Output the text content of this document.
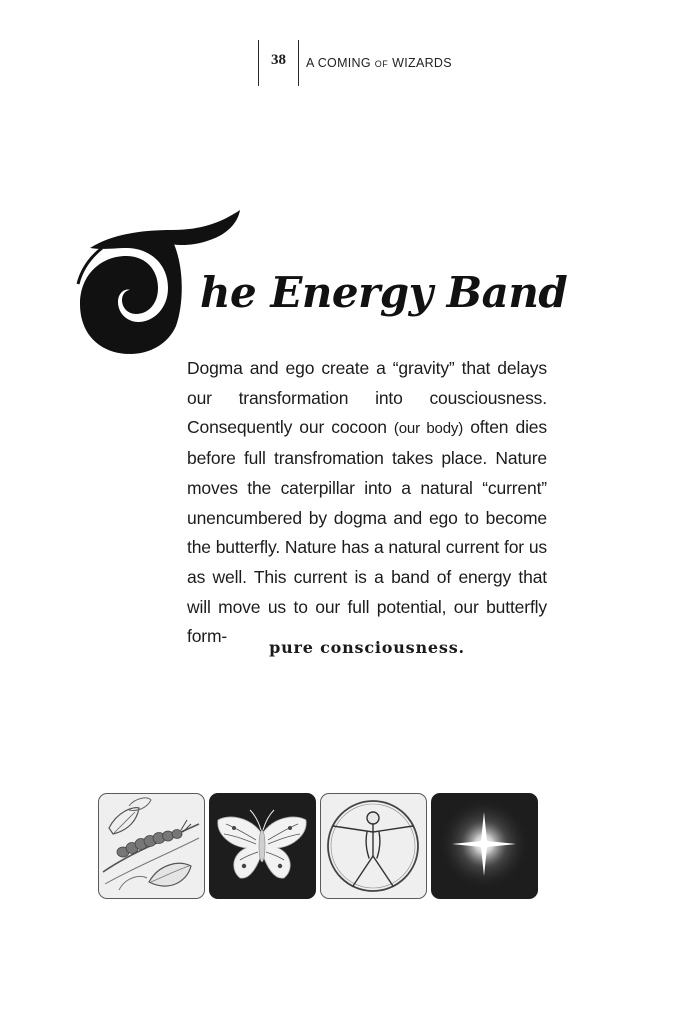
38	A COMING OF WIZARDS
he Energy Band

Dogma and ego create a “gravity” that delays our transformation into cousciousness. Consequently our cocoon (our body) often dies before full transfromation takes place. Nature moves the caterpillar into a natural “current” unencumbered by dogma and ego to become the butterfly. Nature has a natural current for us as well. This current is a band of energy that will move us to our full potential, our butterfly form-

pure consciousness.
